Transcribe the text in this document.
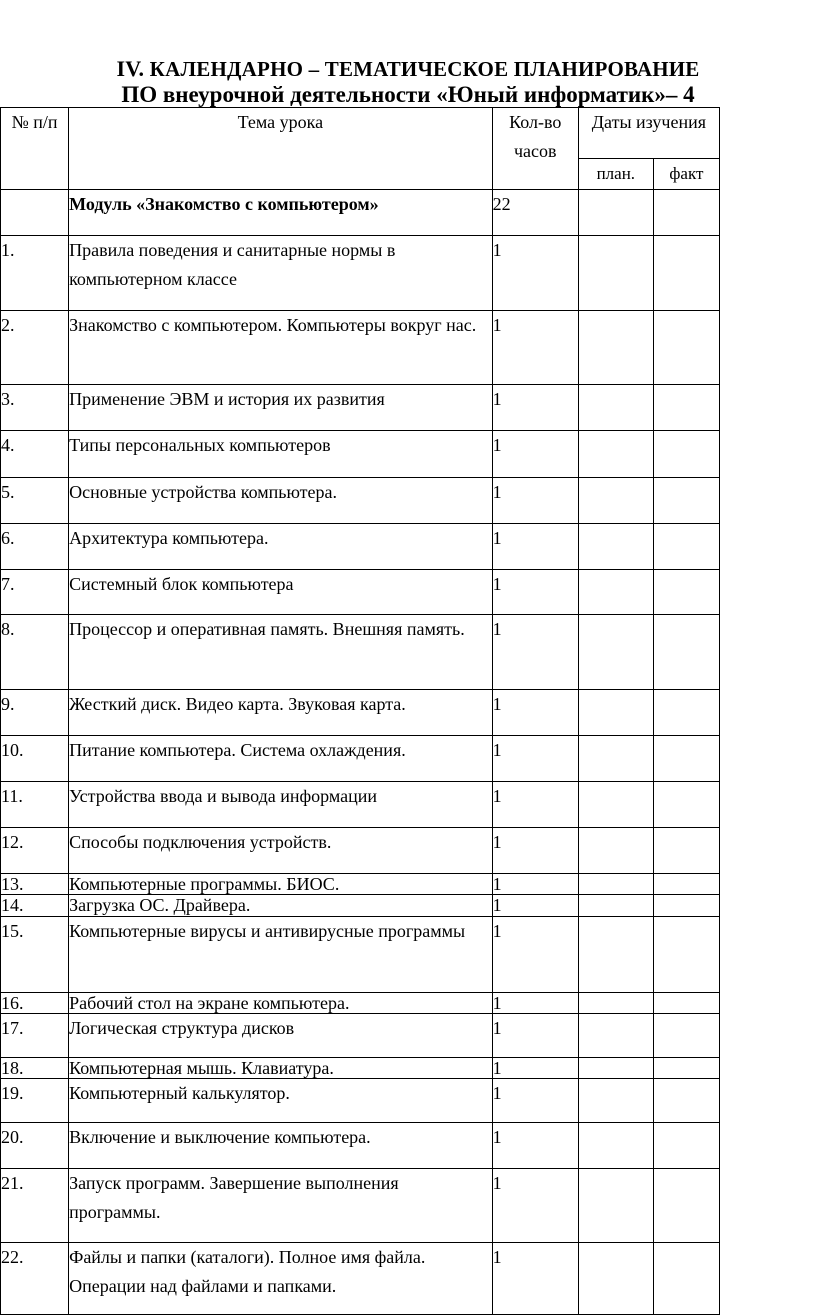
IV. КАЛЕНДАРНО – ТЕМАТИЧЕСКОЕ ПЛАНИРОВАНИЕ
ПО внеурочной деятельности «Юный информатик»– 4
№ п/п	Тема урока	Кол-во часов	Даты изучения	
			план.	факт
	Модуль «Знакомство с компьютером»	22		
1.	Правила поведения и санитарные нормы в компьютерном классе	1		
2.	Знакомство с компьютером. Компьютеры вокруг нас.	1		
3.	Применение ЭВМ и история их развития	1		
4.	Типы персональных компьютеров	1		
5.	Основные устройства компьютера.	1		
6.	Архитектура компьютера.	1		
7.	Системный блок компьютера	1		
8.	Процессор и оперативная память. Внешняя память.	1		
9.	Жесткий диск. Видео карта. Звуковая карта.	1		
10.	Питание компьютера. Система охлаждения.	1		
11.	Устройства ввода и вывода информации	1		
12.	Способы подключения устройств.	1		
13.	Компьютерные программы. БИОС.	1		
14.	Загрузка ОС. Драйвера.	1		
15.	Компьютерные вирусы и антивирусные программы	1		
16.	Рабочий стол на экране компьютера.	1		
17.	Логическая структура дисков	1		
18.	Компьютерная мышь. Клавиатура.	1		
19.	Компьютерный калькулятор.	1		
20.	Включение и выключение компьютера.	1		
21.	Запуск программ. Завершение выполнения программы.	1		
22.	Файлы и папки (каталоги). Полное имя файла. Операции над файлами и папками.	1		
